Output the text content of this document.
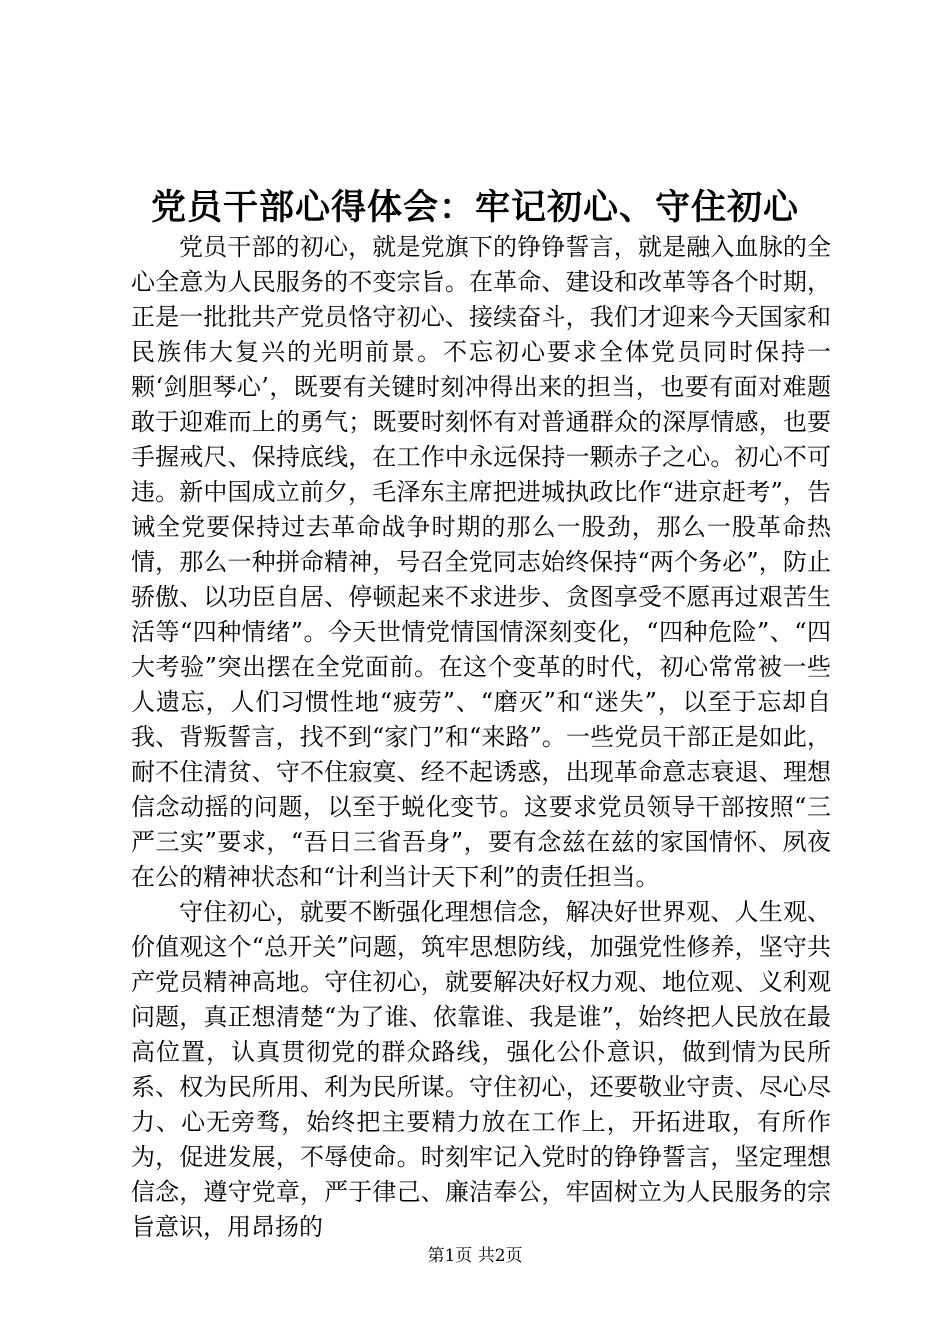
党员干部心得体会：牢记初心、守住初心

党员干部的初心，就是党旗下的铮铮誓言，就是融入血脉的全心全意为人民服务的不变宗旨。在革命、建设和改革等各个时期，正是一批批共产党员恪守初心、接续奋斗，我们才迎来今天国家和民族伟大复兴的光明前景。不忘初心要求全体党员同时保持一颗‘剑胆琴心’，既要有关键时刻冲得出来的担当，也要有面对难题敢于迎难而上的勇气；既要时刻怀有对普通群众的深厚情感，也要手握戒尺、保持底线，在工作中永远保持一颗赤子之心。初心不可违。新中国成立前夕，毛泽东主席把进城执政比作“进京赶考”，告诫全党要保持过去革命战争时期的那么一股劲，那么一股革命热情，那么一种拼命精神，号召全党同志始终保持“两个务必”，防止骄傲、以功臣自居、停顿起来不求进步、贪图享受不愿再过艰苦生活等“四种情绪”。今天世情党情国情深刻变化，“四种危险”、“四大考验”突出摆在全党面前。在这个变革的时代，初心常常被一些人遗忘，人们习惯性地“疲劳”、“磨灭”和“迷失”，以至于忘却自我、背叛誓言，找不到“家门”和“来路”。一些党员干部正是如此，耐不住清贫、守不住寂寞、经不起诱惑，出现革命意志衰退、理想信念动摇的问题，以至于蜕化变节。这要求党员领导干部按照“三严三实”要求，“吾日三省吾身”，要有念兹在兹的家国情怀、夙夜在公的精神状态和“计利当计天下利”的责任担当。

守住初心，就要不断强化理想信念，解决好世界观、人生观、价值观这个“总开关”问题，筑牢思想防线，加强党性修养，坚守共产党员精神高地。守住初心，就要解决好权力观、地位观、义利观问题，真正想清楚“为了谁、依靠谁、我是谁”，始终把人民放在最高位置，认真贯彻党的群众路线，强化公仆意识，做到情为民所系、权为民所用、利为民所谋。守住初心，还要敬业守责、尽心尽力、心无旁骛，始终把主要精力放在工作上，开拓进取，有所作为，促进发展，不辱使命。时刻牢记入党时的铮铮誓言，坚定理想信念，遵守党章，严于律己、廉洁奉公，牢固树立为人民服务的宗旨意识，用昂扬的

第1页 共2页
